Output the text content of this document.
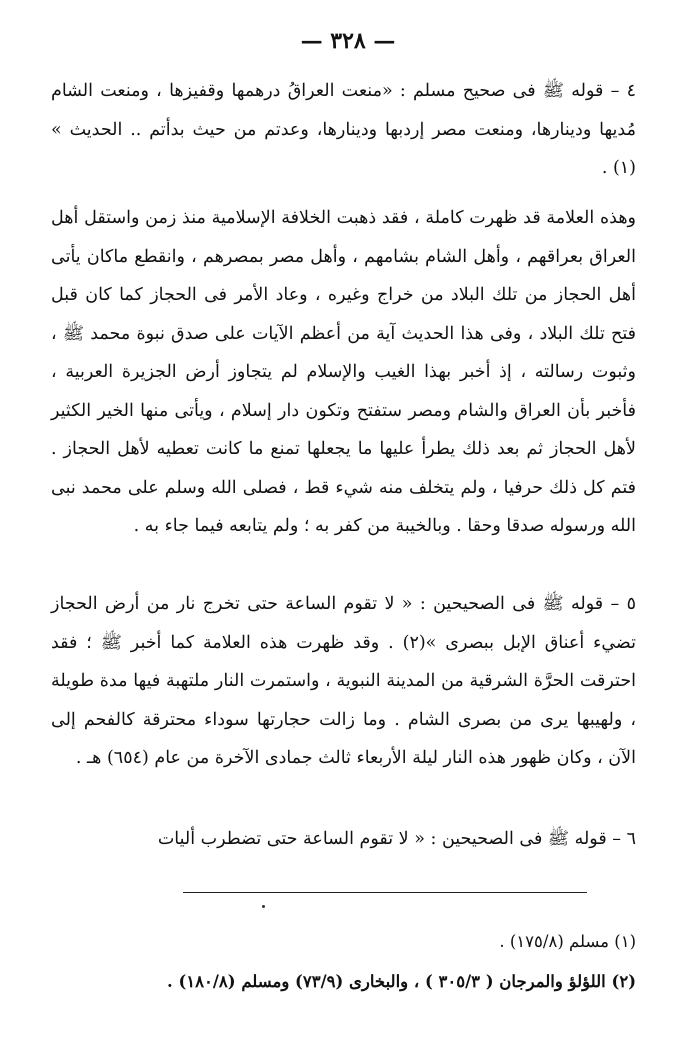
— ٣٢٨ —

٤ – قوله ﷺ فى صحيح مسلم : «منعت العراقُ درهمها وقفيزها ، ومنعت الشام مُديها ودينارها، ومنعت مصر إردبها ودينارها، وعدتم من حيث بدأتم .. الحديث » (١) .

وهذه العلامة قد ظهرت كاملة ، فقد ذهبت الخلافة الإسلامية منذ زمن واستقل أهل العراق بعراقهم ، وأهل الشام بشامهم ، وأهل مصر بمصرهم ، وانقطع ماكان يأتى أهل الحجاز من تلك البلاد من خراج وغيره ، وعاد الأمر فى الحجاز كما كان قبل فتح تلك البلاد ، وفى هذا الحديث آية من أعظم الآيات على صدق نبوة محمد ﷺ ، وثبوت رسالته ، إذ أخبر بهذا الغيب والإسلام لم يتجاوز أرض الجزيرة العربية ، فأخبر بأن العراق والشام ومصر ستفتح وتكون دار إسلام ، ويأتى منها الخير الكثير لأهل الحجاز ثم بعد ذلك يطرأ عليها ما يجعلها تمنع ما كانت تعطيه لأهل الحجاز . فتم كل ذلك حرفيا ، ولم يتخلف منه شيء قط ، فصلى الله وسلم على محمد نبى الله ورسوله صدقا وحقا . وبالخيبة من كفر به ؛ ولم يتابعه فيما جاء به .

٥ – قوله ﷺ فى الصحيحين : « لا تقوم الساعة حتى تخرج نار من أرض الحجاز تضيء أعناق الإبل ببصرى »(٢) . وقد ظهرت هذه العلامة كما أخبر ﷺ ؛ فقد احترقت الحرَّة الشرقية من المدينة النبوية ، واستمرت النار ملتهبة فيها مدة طويلة ، ولهيبها يرى من بصرى الشام . وما زالت حجارتها سوداء محترقة كالفحم إلى الآن ، وكان ظهور هذه النار ليلة الأربعاء ثالث جمادى الآخرة من عام (٦٥٤) هـ .

٦ – قوله ﷺ فى الصحيحين : « لا تقوم الساعة حتى تضطرب أليات

(١) مسلم (١٧٥/٨) .
(٢) اللؤلؤ والمرجان ( ٣٠٥/٣ ) ، والبخارى (٧٣/٩) ومسلم (١٨٠/٨) .
